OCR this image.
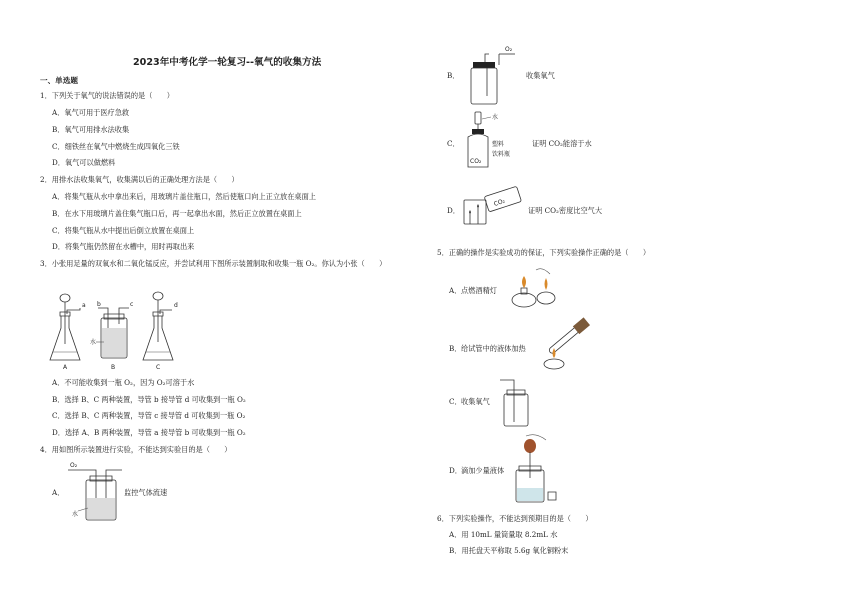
2023年中考化学一轮复习--氧气的收集方法
一、单选题
1．下列关于氧气的说法错误的是（　　）
A．氧气可用于医疗急救
B．氧气可用排水法收集
C．细铁丝在氧气中燃烧生成四氧化三铁
D．氧气可以做燃料
2．用排水法收集氧气，收集满以后的正确处理方法是（　　）
A．将集气瓶从水中拿出来后，用玻璃片盖住瓶口，然后使瓶口向上正立放在桌面上
B．在水下用玻璃片盖住集气瓶口后，再一起拿出水面，然后正立放置在桌面上
C．将集气瓶从水中提出后倒立放置在桌面上
D．将集气瓶仍然留在水槽中，用时再取出来
3．小张用足量的双氧水和二氧化锰反应，并尝试利用下图所示装置制取和收集一瓶 O₂。你认为小张（　　）
a
A
b	c
水
B
d
C
A．不可能收集到一瓶 O₂，因为 O₂可溶于水
B．选择 B、C 两种装置，导管 b 接导管 d 可收集到一瓶 O₂
C．选择 B、C 两种装置，导管 c 接导管 d 可收集到一瓶 O₂
D．选择 A、B 两种装置，导管 a 接导管 b 可收集到一瓶 O₂
4．用如图所示装置进行实验，不能达到实验目的是（　　）
A．
O₂
水
监控气体流速
B．
O₂
收集氧气
C．
水
CO₂
塑料
饮料瓶
证明 CO₂能溶于水
D．
CO₂
证明 CO₂密度比空气大
5．正确的操作是实验成功的保证，下列实验操作正确的是（　　）
A． 点燃酒精灯
B． 给试管中的液体加热
C． 收集氧气
D． 滴加少量液体
6．下列实验操作，不能达到预期目的是（　　）
A．用 10mL 量筒量取 8.2mL 水
B．用托盘天平称取 5.6g 氧化铜粉末
